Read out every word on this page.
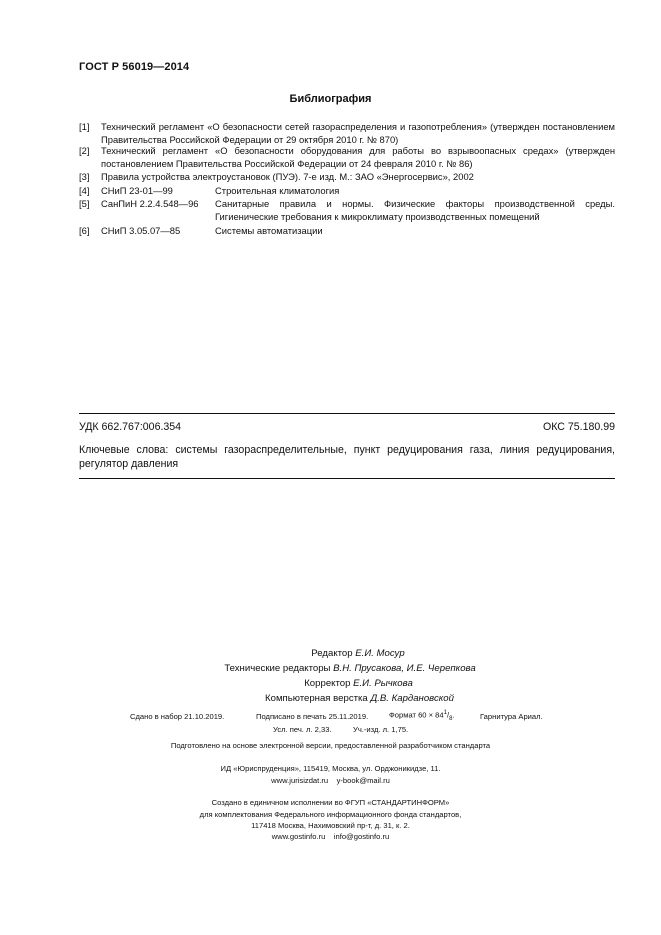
ГОСТ Р 56019—2014
Библиография
[1] Технический регламент «О безопасности сетей газораспределения и газопотребления» (утвержден постановлением Правительства Российской Федерации от 29 октября 2010 г. № 870)
[2] Технический регламент «О безопасности оборудования для работы во взрывоопасных средах» (утвержден постановлением Правительства Российской Федерации от 24 февраля 2010 г. № 86)
[3] Правила устройства электроустановок (ПУЭ). 7-е изд. М.: ЗАО «Энергосервис», 2002
[4] СНиП 23-01—99	Строительная климатология
[5] СанПиН 2.2.4.548—96 Санитарные правила и нормы. Физические факторы производственной среды. Гигиенические требования к микроклимату производственных помещений
[6] СНиП 3.05.07—85	Системы автоматизации
УДК 662.767:006.354	ОКС 75.180.99
Ключевые слова: системы газораспределительные, пункт редуцирования газа, линия редуцирования, регулятор давления
Редактор Е.И. Мосур
Технические редакторы В.Н. Прусакова, И.Е. Черепкова
Корректор Е.И. Рычкова
Компьютерная верстка Д.В. Кардановской
Сдано в набор 21.10.2019.	Подписано в печать 25.11.2019.	Формат $60 \times 84^1/_8$.	Гарнитура Ариал.
Усл. печ. л. 2,33.	Уч.-изд. л. 1,75.
Подготовлено на основе электронной версии, предоставленной разработчиком стандарта
ИД «Юриспруденция», 115419, Москва, ул. Орджоникидзе, 11.
www.jurisizdat.ru y-book@mail.ru
Создано в единичном исполнении во ФГУП «СТАНДАРТИНФОРМ»
для комплектования Федерального информационного фонда стандартов,
117418 Москва, Нахимовский пр-т, д. 31, к. 2.
www.gostinfo.ru info@gostinfo.ru
